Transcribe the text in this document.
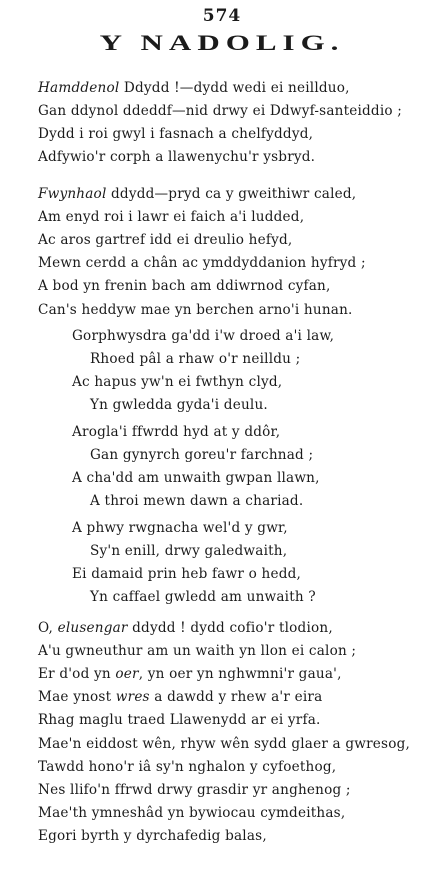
574
Y NADOLIG.
Hamddenol Ddydd !—dydd wedi ei neillduo,
Gan ddynol ddeddf—nid drwy ei Ddwyf-santeiddio ;
Dydd i roi gwyl i fasnach a chelfyddyd,
Adfywio'r corph a llawenychu'r ysbryd.
Fwynhaol ddydd—pryd ca y gweithiwr caled,
Am enyd roi i lawr ei faich a'i ludded,
Ac aros gartref idd ei dreulio hefyd,
Mewn cerdd a chân ac ymddyddanion hyfryd ;
A bod yn frenin bach am ddiwrnod cyfan,
Can's heddyw mae yn berchen arno'i hunan.
Gorphwysdra ga'dd i'w droed a'i law,
Rhoed pâl a rhaw o'r neilldu ;
Ac hapus yw'n ei fwthyn clyd,
Yn gwledda gyda'i deulu.
Arogla'i ffwrdd hyd at y ddôr,
Gan gynyrch goreu'r farchnad ;
A cha'dd am unwaith gwpan llawn,
A throi mewn dawn a chariad.
A phwy rwgnacha wel'd y gwr,
Sy'n enill, drwy galedwaith,
Ei damaid prin heb fawr o hedd,
Yn caffael gwledd am unwaith ?
O, elusengar ddydd ! dydd cofio'r tlodion,
A'u gwneuthur am un waith yn llon ei calon ;
Er d'od yn oer, yn oer yn nghwmni'r gaua',
Mae ynost wres a dawdd y rhew a'r eira
Rhag maglu traed Llawenydd ar ei yrfa.
Mae'n eiddost wên, rhyw wên sydd glaer a gwresog,
Tawdd hono'r iâ sy'n nghalon y cyfoethog,
Nes llifo'n ffrwd drwy grasdir yr anghenog ;
Mae'th ymneshâd yn bywiocau cymdeithas,
Egori byrth y dyrchafedig balas,
